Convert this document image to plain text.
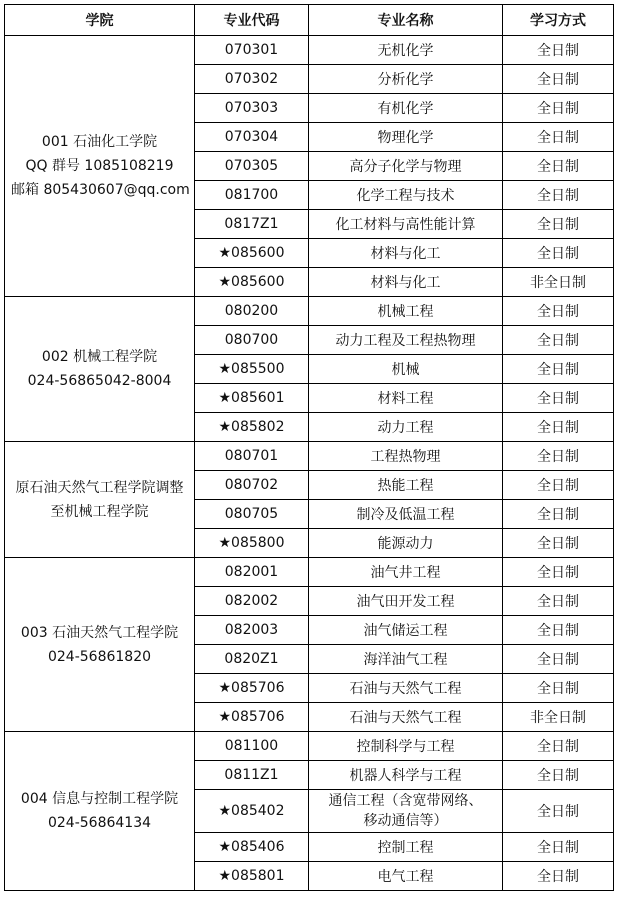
学院	专业代码	专业名称	学习方式

001 石油化工学院
QQ 群号 1085108219
邮箱 805430607@qq.com	070301	无机化学	全日制
	070302	分析化学	全日制
	070303	有机化学	全日制
	070304	物理化学	全日制
	070305	高分子化学与物理	全日制
	081700	化学工程与技术	全日制
	0817Z1	化工材料与高性能计算	全日制
	★085600	材料与化工	全日制
	★085600	材料与化工	非全日制

002 机械工程学院
024-56865042-8004	080200	机械工程	全日制
	080700	动力工程及工程热物理	全日制
	★085500	机械	全日制
	★085601	材料工程	全日制
	★085802	动力工程	全日制

原石油天然气工程学院调整至机械工程学院	080701	工程热物理	全日制
	080702	热能工程	全日制
	080705	制冷及低温工程	全日制
	★085800	能源动力	全日制

003 石油天然气工程学院
024-56861820	082001	油气井工程	全日制
	082002	油气田开发工程	全日制
	082003	油气储运工程	全日制
	0820Z1	海洋油气工程	全日制
	★085706	石油与天然气工程	全日制
	★085706	石油与天然气工程	非全日制

004 信息与控制工程学院
024-56864134	081100	控制科学与工程	全日制
	0811Z1	机器人科学与工程	全日制
	★085402	通信工程（含宽带网络、
移动通信等）	全日制
	★085406	控制工程	全日制
	★085801	电气工程	全日制
